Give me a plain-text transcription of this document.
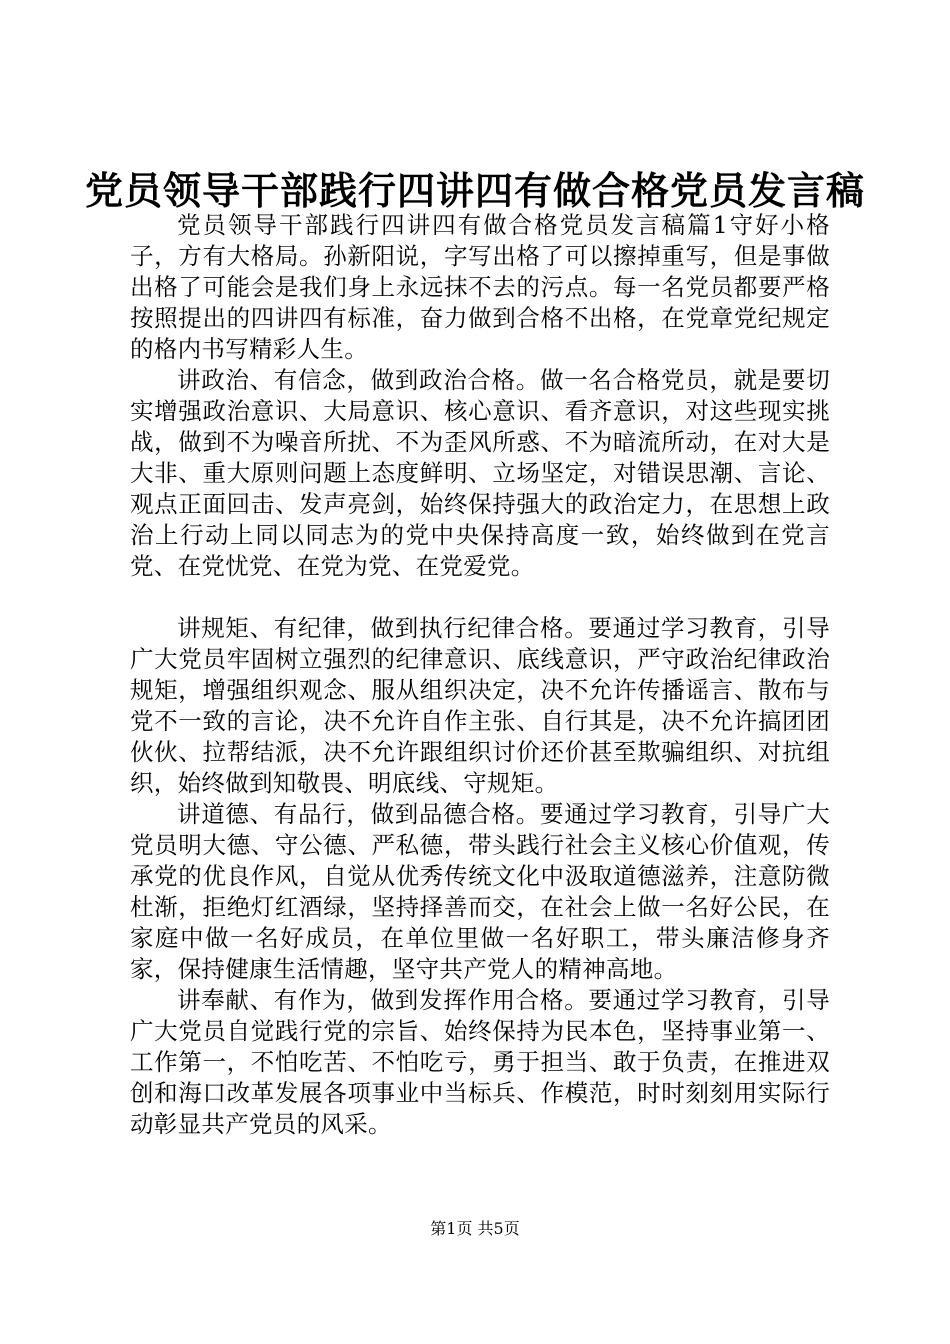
党员领导干部践行四讲四有做合格党员发言稿

党员领导干部践行四讲四有做合格党员发言稿篇1守好小格子，方有大格局。孙新阳说，字写出格了可以擦掉重写，但是事做出格了可能会是我们身上永远抹不去的污点。每一名党员都要严格按照提出的四讲四有标准，奋力做到合格不出格，在党章党纪规定的格内书写精彩人生。

讲政治、有信念，做到政治合格。做一名合格党员，就是要切实增强政治意识、大局意识、核心意识、看齐意识，对这些现实挑战，做到不为噪音所扰、不为歪风所惑、不为暗流所动，在对大是大非、重大原则问题上态度鲜明、立场坚定，对错误思潮、言论、观点正面回击、发声亮剑，始终保持强大的政治定力，在思想上政治上行动上同以同志为的党中央保持高度一致，始终做到在党言党、在党忧党、在党为党、在党爱党。

讲规矩、有纪律，做到执行纪律合格。要通过学习教育，引导广大党员牢固树立强烈的纪律意识、底线意识，严守政治纪律政治规矩，增强组织观念、服从组织决定，决不允许传播谣言、散布与党不一致的言论，决不允许自作主张、自行其是，决不允许搞团团伙伙、拉帮结派，决不允许跟组织讨价还价甚至欺骗组织、对抗组织，始终做到知敬畏、明底线、守规矩。

讲道德、有品行，做到品德合格。要通过学习教育，引导广大党员明大德、守公德、严私德，带头践行社会主义核心价值观，传承党的优良作风，自觉从优秀传统文化中汲取道德滋养，注意防微杜渐，拒绝灯红酒绿，坚持择善而交，在社会上做一名好公民，在家庭中做一名好成员，在单位里做一名好职工，带头廉洁修身齐家，保持健康生活情趣，坚守共产党人的精神高地。

讲奉献、有作为，做到发挥作用合格。要通过学习教育，引导广大党员自觉践行党的宗旨、始终保持为民本色，坚持事业第一、工作第一，不怕吃苦、不怕吃亏，勇于担当、敢于负责，在推进双创和海口改革发展各项事业中当标兵、作模范，时时刻刻用实际行动彰显共产党员的风采。

第1页 共5页
